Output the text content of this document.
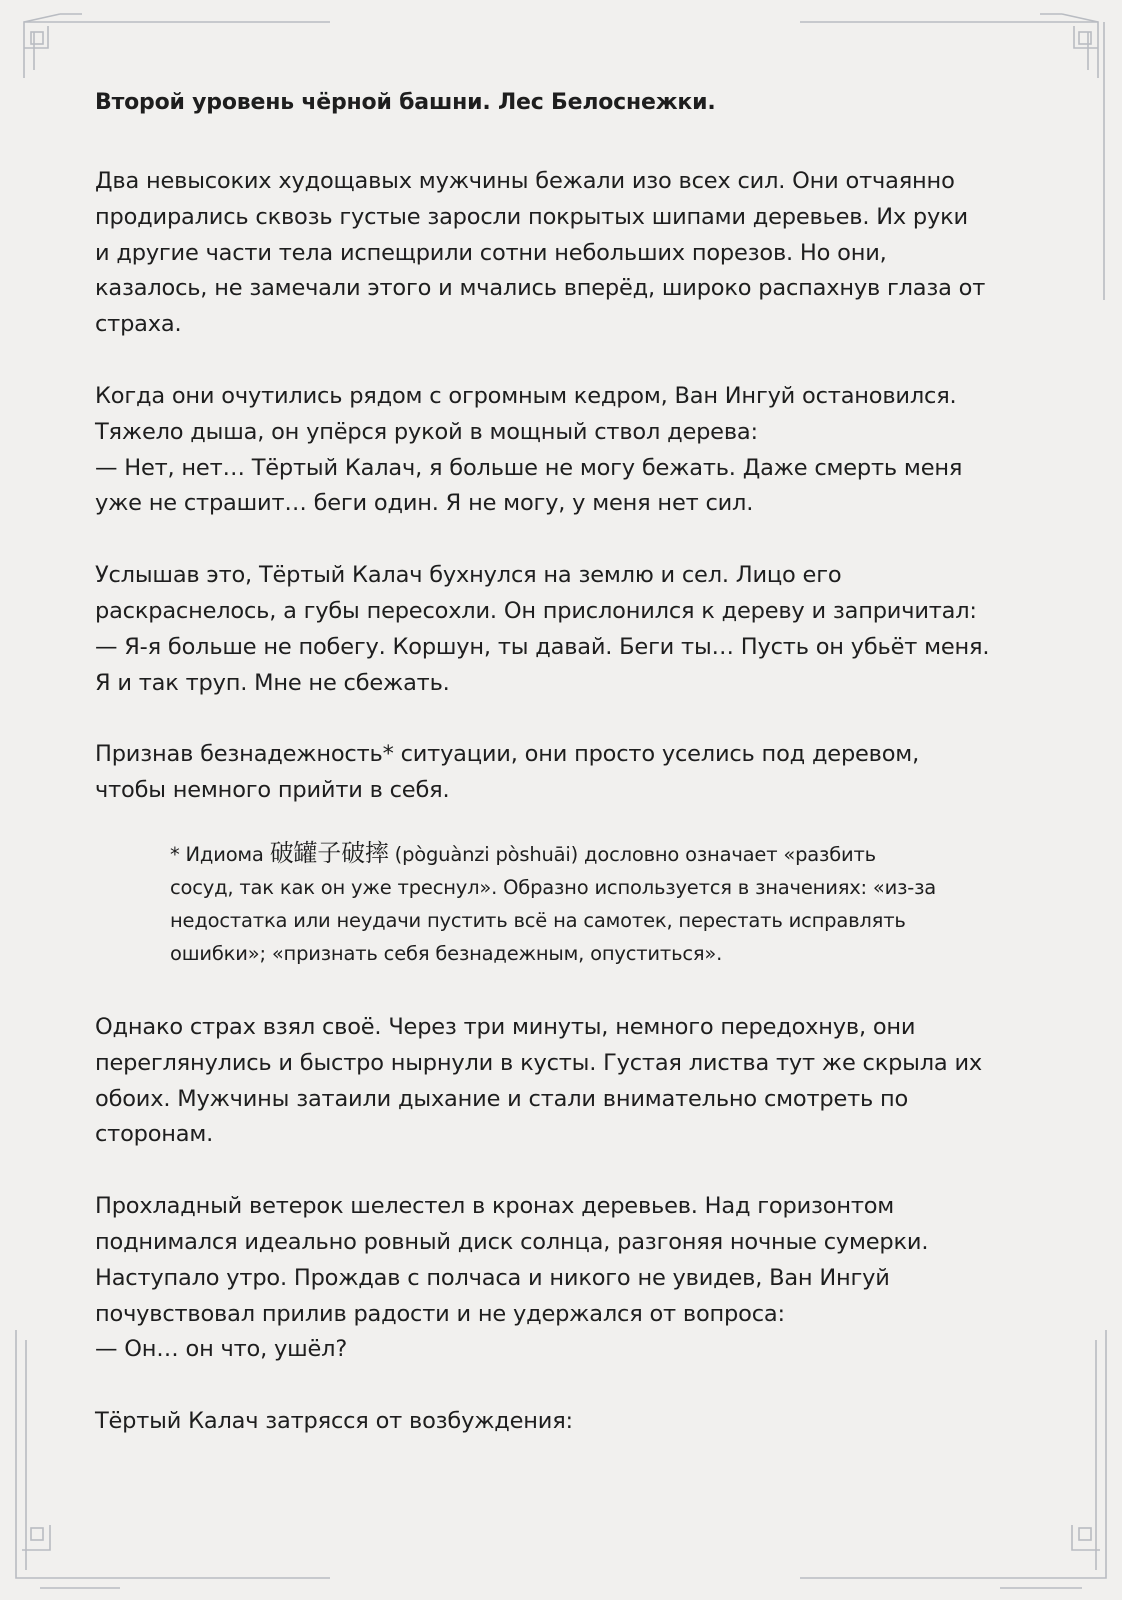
Второй уровень чёрной башни. Лес Белоснежки.
Два невысоких худощавых мужчины бежали изо всех сил. Они отчаянно
продирались сквозь густые заросли покрытых шипами деревьев. Их руки
и другие части тела испещрили сотни небольших порезов. Но они,
казалось, не замечали этого и мчались вперёд, широко распахнув глаза от
страха.
Когда они очутились рядом с огромным кедром, Ван Ингуй остановился.
Тяжело дыша, он упёрся рукой в мощный ствол дерева:
— Нет, нет… Тёртый Калач, я больше не могу бежать. Даже смерть меня
уже не страшит… беги один. Я не могу, у меня нет сил.
Услышав это, Тёртый Калач бухнулся на землю и сел. Лицо его
раскраснелось, а губы пересохли. Он прислонился к дереву и запричитал:
— Я-я больше не побегу. Коршун, ты давай. Беги ты… Пусть он убьёт меня.
Я и так труп. Мне не сбежать.
Признав безнадежность* ситуации, они просто уселись под деревом,
чтобы немного прийти в себя.
* Идиома 破罐子破摔 (pòguànzi pòshuāi) дословно означает «разбить
сосуд, так как он уже треснул». Образно используется в значениях: «из-за
недостатка или неудачи пустить всё на самотек, перестать исправлять
ошибки»; «признать себя безнадежным, опуститься».
Однако страх взял своё. Через три минуты, немного передохнув, они
переглянулись и быстро нырнули в кусты. Густая листва тут же скрыла их
обоих. Мужчины затаили дыхание и стали внимательно смотреть по
сторонам.
Прохладный ветерок шелестел в кронах деревьев. Над горизонтом
поднимался идеально ровный диск солнца, разгоняя ночные сумерки.
Наступало утро. Прождав с полчаса и никого не увидев, Ван Ингуй
почувствовал прилив радости и не удержался от вопроса:
— Он… он что, ушёл?
Тёртый Калач затрясся от возбуждения:
